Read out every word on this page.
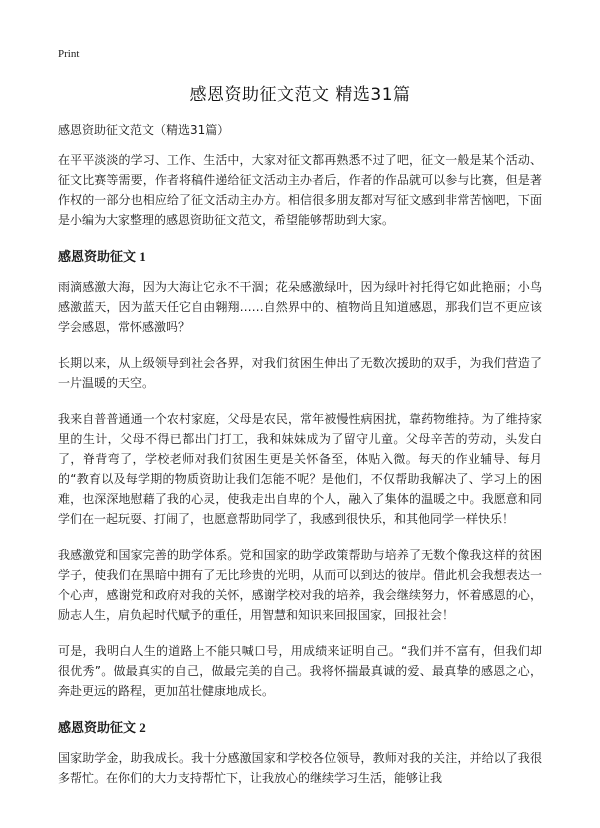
Print
感恩资助征文范文 精选31篇
感恩资助征文范文（精选31篇）

在平平淡淡的学习、工作、生活中，大家对征文都再熟悉不过了吧，征文一般是某个活动、征文比赛等需要，作者将稿件递给征文活动主办者后，作者的作品就可以参与比赛，但是著作权的一部分也相应给了征文活动主办方。相信很多朋友都对写征文感到非常苦恼吧，下面是小编为大家整理的感恩资助征文范文，希望能够帮助到大家。

感恩资助征文 1

雨滴感激大海，因为大海让它永不干涸；花朵感激绿叶，因为绿叶衬托得它如此艳丽；小鸟感激蓝天，因为蓝天任它自由翱翔……自然界中的、植物尚且知道感恩，那我们岂不更应该学会感恩，常怀感激吗？

长期以来，从上级领导到社会各界，对我们贫困生伸出了无数次援助的双手，为我们营造了一片温暖的天空。

我来自普普通通一个农村家庭，父母是农民，常年被慢性病困扰，靠药物维持。为了维持家里的生计，父母不得已都出门打工，我和妹妹成为了留守儿童。父母辛苦的劳动，头发白了，脊背弯了，学校老师对我们贫困生更是关怀备至，体贴入微。每天的作业辅导、每月的“教育以及每学期的物质资助让我们怎能不呢？是他们，不仅帮助我解决了、学习上的困难，也深深地慰藉了我的心灵，使我走出自卑的个人，融入了集体的温暖之中。我愿意和同学们在一起玩耍、打闹了，也愿意帮助同学了，我感到很快乐，和其他同学一样快乐！

我感激党和国家完善的助学体系。党和国家的助学政策帮助与培养了无数个像我这样的贫困学子，使我们在黑暗中拥有了无比珍贵的光明，从而可以到达的彼岸。借此机会我想表达一个心声，感谢党和政府对我的关怀，感谢学校对我的培养，我会继续努力，怀着感恩的心，励志人生，肩负起时代赋予的重任，用智慧和知识来回报国家，回报社会！

可是，我明白人生的道路上不能只喊口号，用成绩来证明自己。“我们并不富有，但我们却很优秀”。做最真实的自己，做最完美的自己。我将怀揣最真诚的爱、最真挚的感恩之心，奔赴更远的路程，更加茁壮健康地成长。

感恩资助征文 2

国家助学金，助我成长。我十分感激国家和学校各位领导，教师对我的关注，并给以了我很多帮忙。在你们的大力支持帮忙下，让我放心的继续学习生活，能够让我
